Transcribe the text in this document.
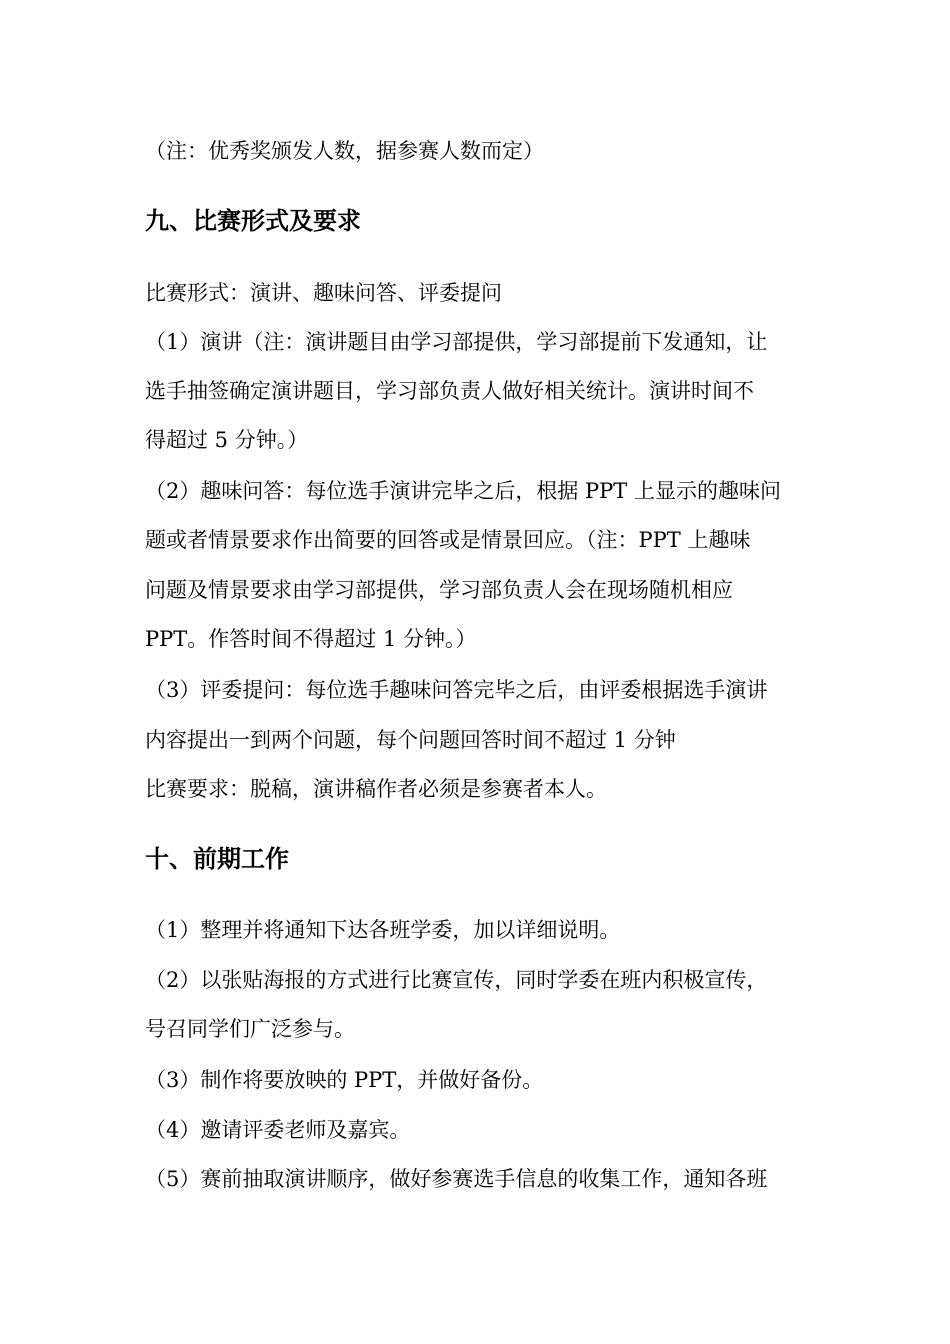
（注：优秀奖颁发人数，据参赛人数而定）
九、比赛形式及要求
比赛形式：演讲、趣味问答、评委提问
（1）演讲（注：演讲题目由学习部提供，学习部提前下发通知，让
选手抽签确定演讲题目，学习部负责人做好相关统计。演讲时间不
得超过 5 分钟。）
（2）趣味问答：每位选手演讲完毕之后，根据 PPT 上显示的趣味问
题或者情景要求作出简要的回答或是情景回应。（注：PPT 上趣味
问题及情景要求由学习部提供，学习部负责人会在现场随机相应
PPT。作答时间不得超过 1 分钟。）
（3）评委提问：每位选手趣味问答完毕之后，由评委根据选手演讲
内容提出一到两个问题，每个问题回答时间不超过 1 分钟
比赛要求：脱稿，演讲稿作者必须是参赛者本人。
十、前期工作
（1）整理并将通知下达各班学委，加以详细说明。
（2）以张贴海报的方式进行比赛宣传，同时学委在班内积极宣传，
号召同学们广泛参与。
（3）制作将要放映的 PPT，并做好备份。
（4）邀请评委老师及嘉宾。
（5）赛前抽取演讲顺序，做好参赛选手信息的收集工作，通知各班
